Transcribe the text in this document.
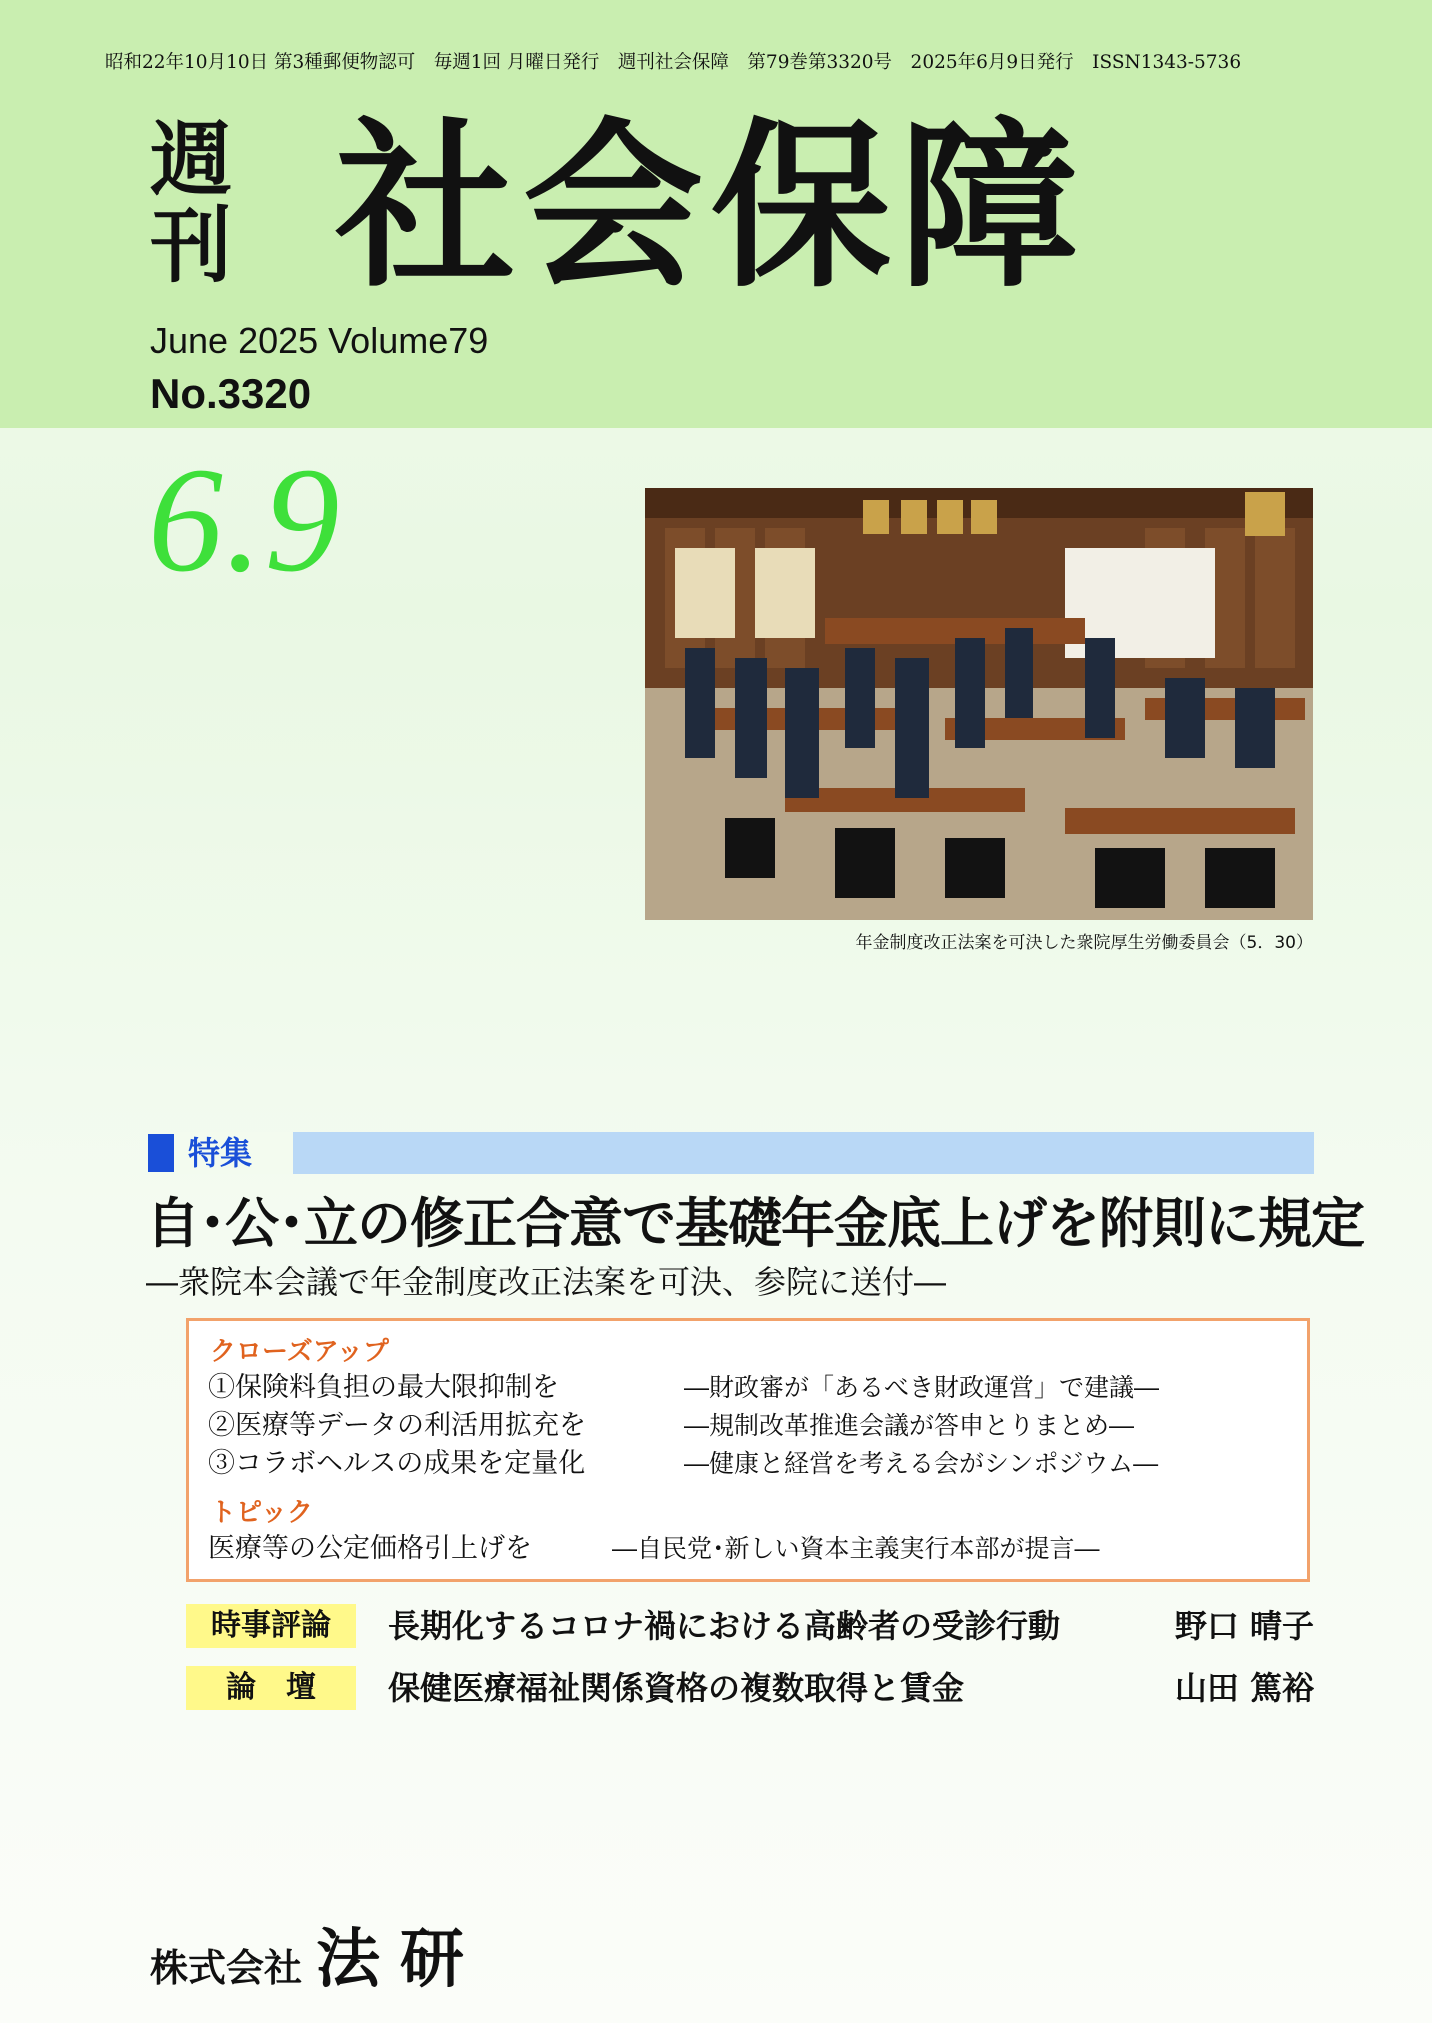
昭和22年10月10日 第3種郵便物認可　毎週1回 月曜日発行　週刊社会保障　第79巻第3320号　2025年6月9日発行　ISSN1343-5736
週
刊 社会保障
June 2025 Volume79
No.3320
6.9
年金制度改正法案を可決した衆院厚生労働委員会（5．30）
特集
自･公･立の修正合意で基礎年金底上げを附則に規定
―衆院本会議で年金制度改正法案を可決、参院に送付―
クローズアップ
①保険料負担の最大限抑制を	―財政審が「あるべき財政運営」で建議―
②医療等データの利活用拡充を	―規制改革推進会議が答申とりまとめ―
③コラボヘルスの成果を定量化	―健康と経営を考える会がシンポジウム―
トピック
医療等の公定価格引上げを	―自民党･新しい資本主義実行本部が提言―
時事評論	長期化するコロナ禍における高齢者の受診行動	野口 晴子
論　壇	保健医療福祉関係資格の複数取得と賃金	山田 篤裕
株式会社 法研
